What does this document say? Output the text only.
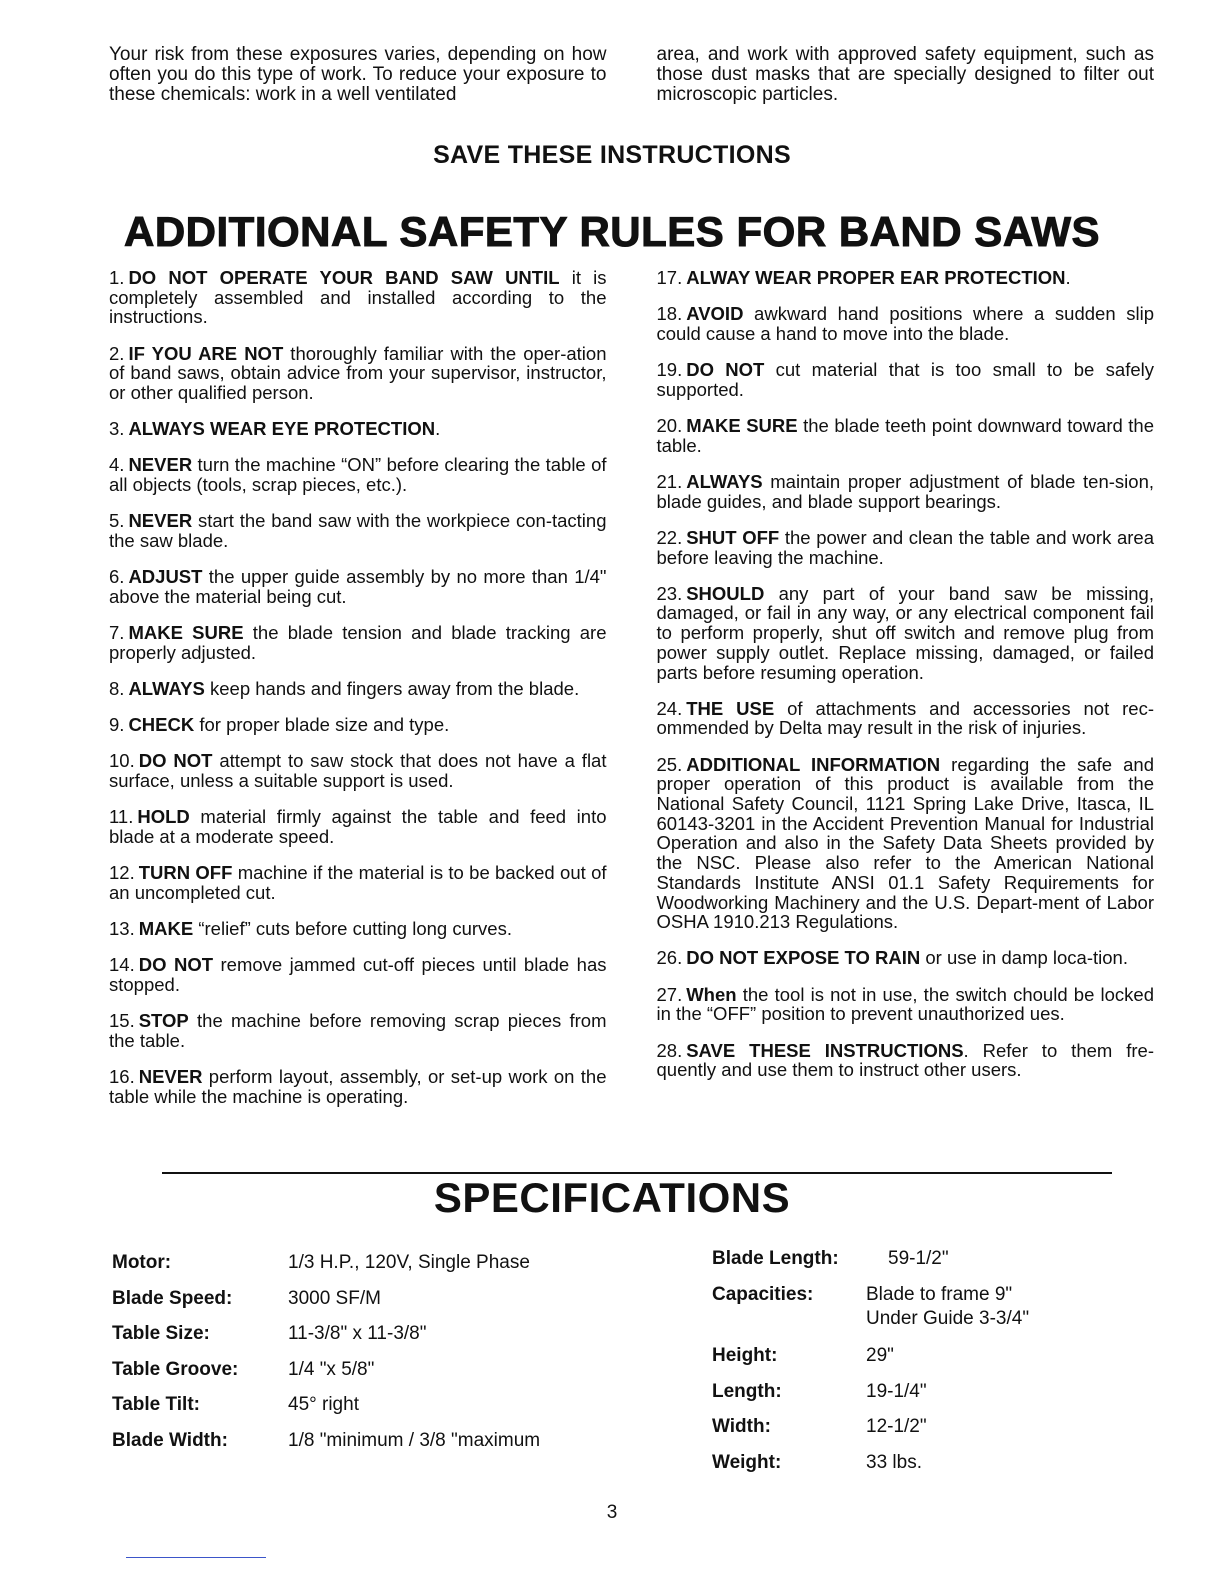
Your risk from these exposures varies, depending on how often you do this type of work. To reduce your exposure to these chemicals: work in a well ventilated

area, and work with approved safety equipment, such as those dust masks that are specially designed to filter out microscopic particles.

SAVE THESE INSTRUCTIONS
ADDITIONAL SAFETY RULES FOR BAND SAWS

1. DO NOT OPERATE YOUR BAND SAW UNTIL it is completely assembled and installed according to the instructions.

2. IF YOU ARE NOT thoroughly familiar with the oper-ation of band saws, obtain advice from your supervisor, instructor, or other qualified person.

3. ALWAYS WEAR EYE PROTECTION.

4. NEVER turn the machine “ON” before clearing the table of all objects (tools, scrap pieces, etc.).

5. NEVER start the band saw with the workpiece con-tacting the saw blade.

6. ADJUST the upper guide assembly by no more than 1/4" above the material being cut.

7. MAKE SURE the blade tension and blade tracking are properly adjusted.

8. ALWAYS keep hands and fingers away from the blade.

9. CHECK for proper blade size and type.

10. DO NOT attempt to saw stock that does not have a flat surface, unless a suitable support is used.

11. HOLD material firmly against the table and feed into blade at a moderate speed.

12. TURN OFF machine if the material is to be backed out of an uncompleted cut.

13. MAKE “relief” cuts before cutting long curves.

14. DO NOT remove jammed cut-off pieces until blade has stopped.

15. STOP the machine before removing scrap pieces from the table.

16. NEVER perform layout, assembly, or set-up work on the table while the machine is operating.

17. ALWAY WEAR PROPER EAR PROTECTION.

18. AVOID awkward hand positions where a sudden slip could cause a hand to move into the blade.

19. DO NOT cut material that is too small to be safely supported.

20. MAKE SURE the blade teeth point downward toward the table.

21. ALWAYS maintain proper adjustment of blade ten-sion, blade guides, and blade support bearings.

22. SHUT OFF the power and clean the table and work area before leaving the machine.

23. SHOULD any part of your band saw be missing, damaged, or fail in any way, or any electrical component fail to perform properly, shut off switch and remove plug from power supply outlet. Replace missing, damaged, or failed parts before resuming operation.

24. THE USE of attachments and accessories not rec-ommended by Delta may result in the risk of injuries.

25. ADDITIONAL INFORMATION regarding the safe and proper operation of this product is available from the National Safety Council, 1121 Spring Lake Drive, Itasca, IL 60143-3201 in the Accident Prevention Manual for Industrial Operation and also in the Safety Data Sheets provided by the NSC. Please also refer to the American National Standards Institute ANSI 01.1 Safety Requirements for Woodworking Machinery and the U.S. Depart-ment of Labor OSHA 1910.213 Regulations.

26. DO NOT EXPOSE TO RAIN or use in damp loca-tion.

27. When the tool is not in use, the switch chould be locked in the “OFF” position to prevent unauthorized ues.

28. SAVE THESE INSTRUCTIONS. Refer to them fre-quently and use them to instruct other users.

SPECIFICATIONS
Motor:	1/3 H.P., 120V, Single Phase
Blade Speed:	3000 SF/M
Table Size:	11-3/8" x 11-3/8"
Table Groove:	1/4 "x 5/8"
Table Tilt:	45° right
Blade Width:	1/8 "minimum / 3/8 "maximum
Blade Length:	59-1/2"
Capacities:	Blade to frame 9"
Under Guide 3-3/4"
Height:	29"
Length:	19-1/4"
Width:	12-1/2"
Weight:	33 lbs.
3
